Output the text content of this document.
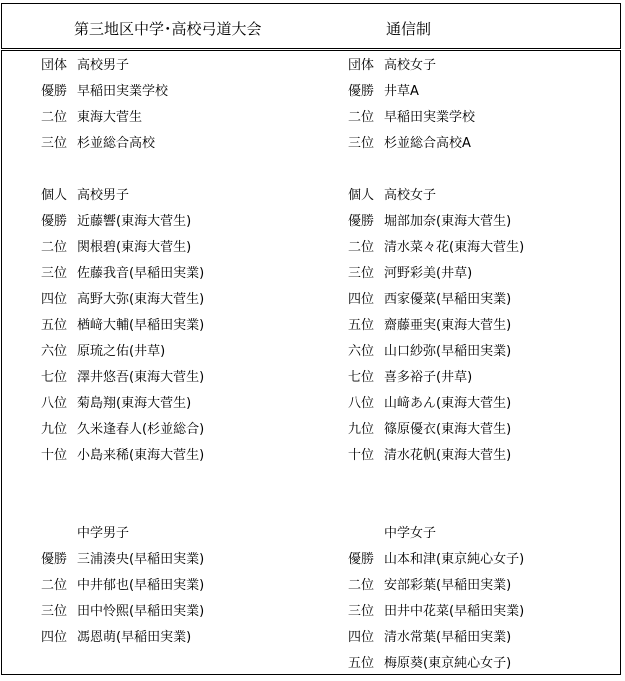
第三地区中学･高校弓道大会	通信制
団体 高校男子
優勝 早稲田実業学校
二位 東海大菅生
三位 杉並総合高校
個人 高校男子
優勝 近藤響(東海大菅生)
二位 関根碧(東海大菅生)
三位 佐藤我音(早稲田実業)
四位 高野大弥(東海大菅生)
五位 楢﨑大輔(早稲田実業)
六位 原琉之佑(井草)
七位 澤井悠吾(東海大菅生)
八位 菊島翔(東海大菅生)
九位 久米逢春人(杉並総合)
十位 小島来稀(東海大菅生)
中学男子
優勝 三浦湊央(早稲田実業)
二位 中井郁也(早稲田実業)
三位 田中怜熙(早稲田実業)
四位 馮恩萌(早稲田実業)
団体 高校女子
優勝 井草A
二位 早稲田実業学校
三位 杉並総合高校A
個人 高校女子
優勝 堀部加奈(東海大菅生)
二位 清水菜々花(東海大菅生)
三位 河野彩美(井草)
四位 西家優菜(早稲田実業)
五位 齋藤亜実(東海大菅生)
六位 山口紗弥(早稲田実業)
七位 喜多裕子(井草)
八位 山﨑あん(東海大菅生)
九位 篠原優衣(東海大菅生)
十位 清水花帆(東海大菅生)
中学女子
優勝 山本和津(東京純心女子)
二位 安部彩葉(早稲田実業)
三位 田井中花菜(早稲田実業)
四位 清水常葉(早稲田実業)
五位 梅原葵(東京純心女子)
